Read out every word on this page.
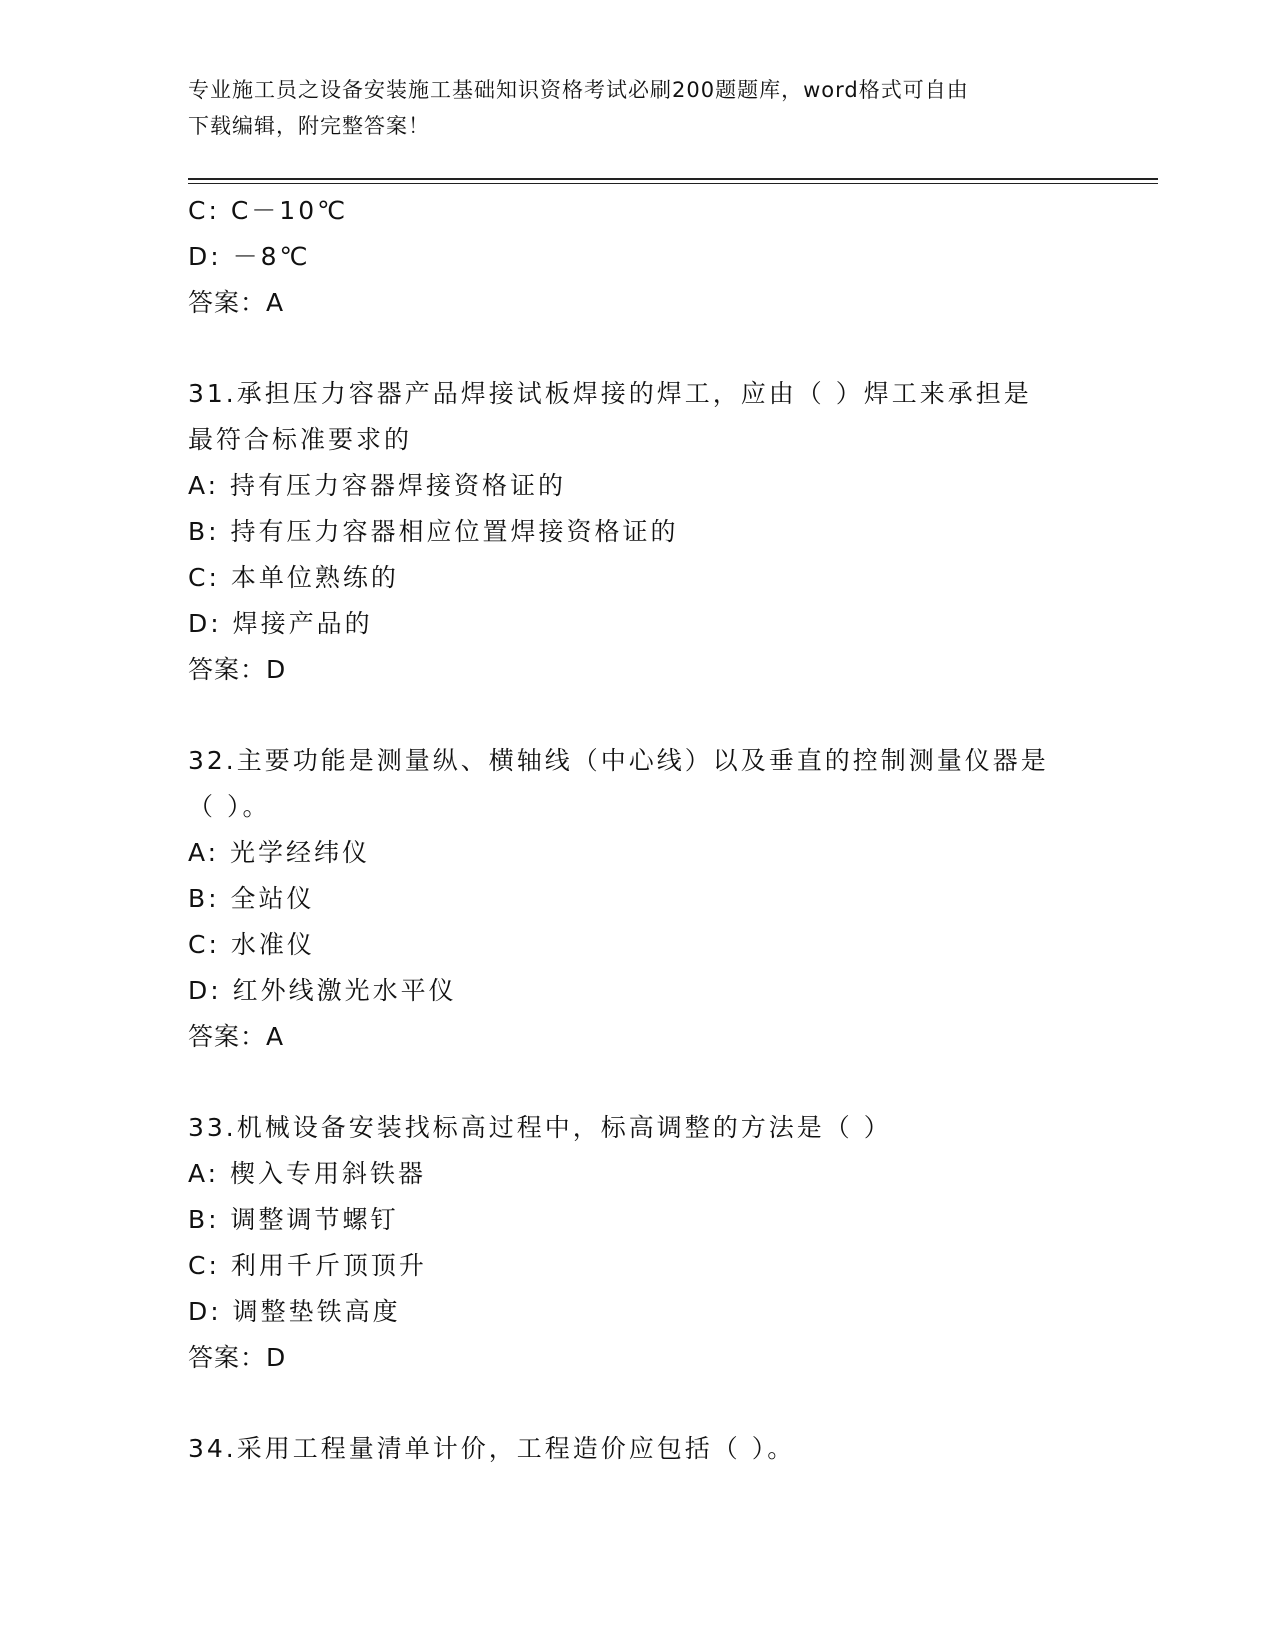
专业施工员之设备安装施工基础知识资格考试必刷200题题库，word格式可自由
下载编辑，附完整答案！
C: C－10℃
D: －8℃
答案：A
31.承担压力容器产品焊接试板焊接的焊工，应由（ ）焊工来承担是
最符合标准要求的
A: 持有压力容器焊接资格证的
B: 持有压力容器相应位置焊接资格证的
C: 本单位熟练的
D: 焊接产品的
答案：D
32.主要功能是测量纵、横轴线（中心线）以及垂直的控制测量仪器是
（ ）。
A: 光学经纬仪
B: 全站仪
C: 水准仪
D: 红外线激光水平仪
答案：A
33.机械设备安装找标高过程中，标高调整的方法是（ ）
A: 楔入专用斜铁器
B: 调整调节螺钉
C: 利用千斤顶顶升
D: 调整垫铁高度
答案：D
34.采用工程量清单计价，工程造价应包括（ ）。
